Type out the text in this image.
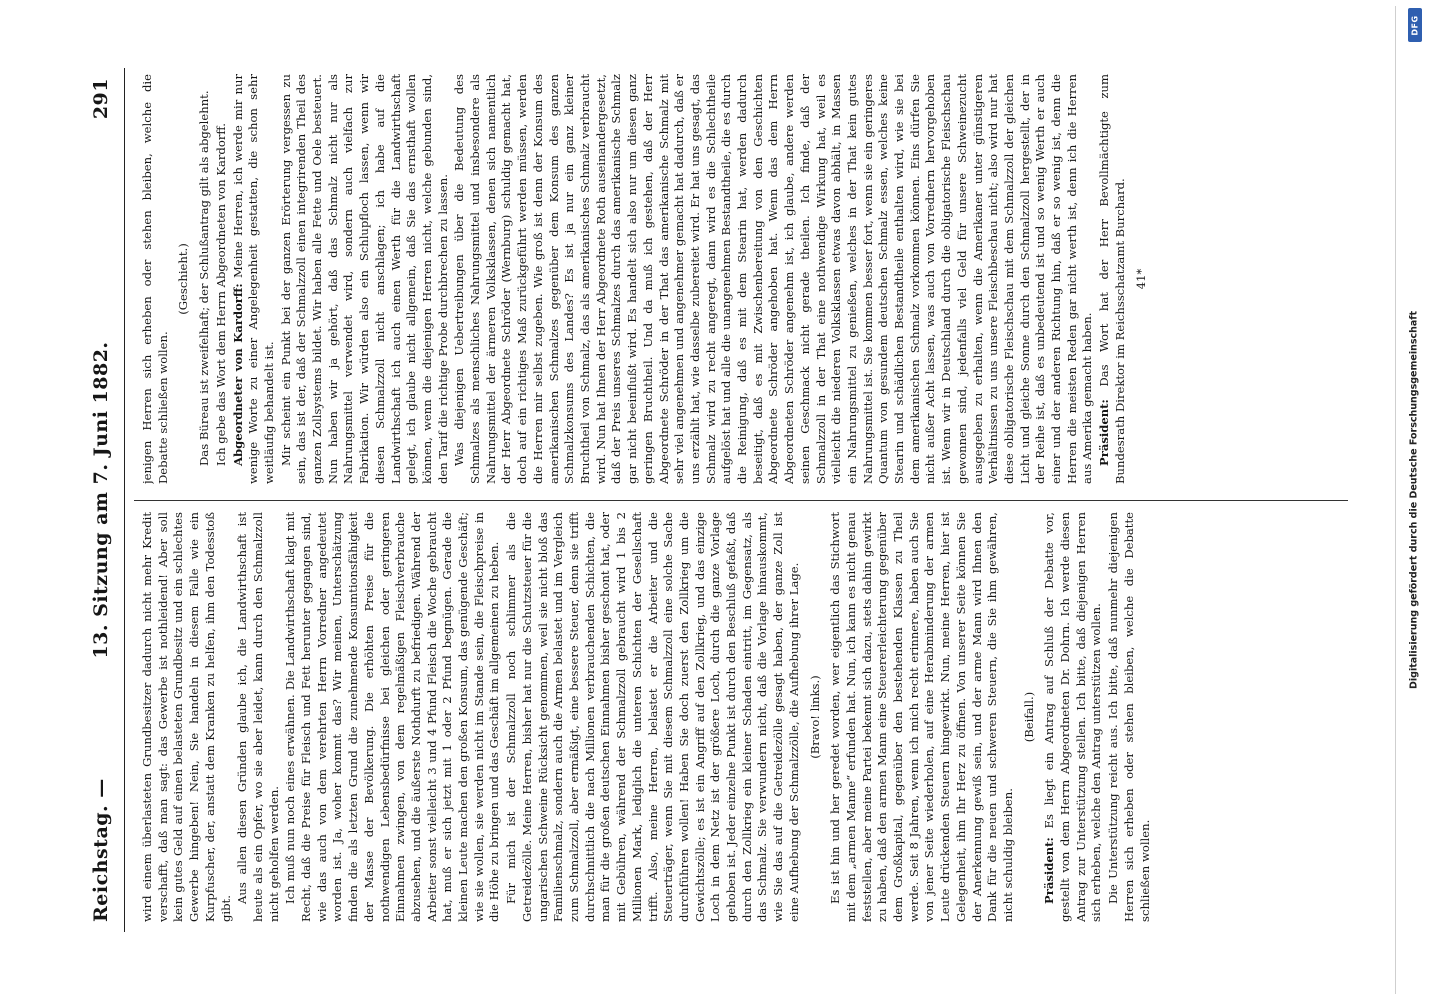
Reichstag. —
13. Sitzung am 7. Juni 1882.
291

wird einem überlasteten Grundbesitzer dadurch nicht mehr Kredit verschafft, daß man sagt: das Gewerbe ist nothleidend! Aber soll kein gutes Geld auf einen belasteten Grundbesitz und ein schlechtes Gewerbe hingeben! Nein, Sie handeln in diesem Falle wie ein Kurpfuscher, der, anstatt dem Kranken zu helfen, ihm den Todesstoß gibt.

Aus allen diesen Gründen glaube ich, die Landwirthschaft ist heute als ein Opfer, wo sie aber leidet, kann durch den Schmalzzoll nicht geholfen werden. Ich muß nun noch eines erwähnen. Die Landwirthschaft klagt mit Recht, daß die Preise für Fleisch und Fett herunter gegangen sind, wie das auch von dem verehrten Herrn Vorredner angedeutet worden ist. Ja, woher kommt das? Wir meinen, Unterschätzung finden die als letzten Grund die zunehmende Konsumtionsfähigkeit der Masse der Bevölkerung. Die erhöhten Preise für die nothwendigen Lebensbedürfnisse bei gleichen oder geringeren Einnahmen zwingen, von dem regelmäßigen Fleischverbrauche abzusehen, und die äußerste Nothdurft zu befriedigen. Während der Arbeiter sonst vielleicht 3 und 4 Pfund Fleisch die Woche gebraucht hat, muß er sich jetzt mit 1 oder 2 Pfund begnügen. Gerade die kleinen Leute machen den großen Konsum, das genügende Geschäft; wie sie wollen, sie werden nicht im Stande sein, die Fleischpreise in die Höhe zu bringen und das Geschäft im allgemeinen zu heben. Für mich ist der Schmalzzoll noch schlimmer als die Getreidezölle. Meine Herren, bisher hat nur die Schutzsteuer für die ungarischen Schweine Rücksicht genommen, weil sie nicht bloß das Familienschmalz, sondern auch die Armen belastet und im Vergleich zum Schmalzzoll, aber ermäßigt, eine bessere Steuer, denn sie trifft durchschnittlich die nach Millionen verbrauchenden Schichten, die man für die großen deutschen Einnahmen bisher geschont hat, oder mit Gebühren, während der Schmalzzoll gebraucht wird 1 bis 2 Millionen Mark, lediglich die unteren Schichten der Gesellschaft trifft. Also, meine Herren, belastet er die Arbeiter und die Steuerträger, wenn Sie mit diesem Schmalzzoll eine solche Sache durchführen wollen! Haben Sie doch zuerst den Zollkrieg um die Gewichtszölle; es ist ein Angriff auf den Zollkrieg, und das einzige Loch in dem Netz ist der größere Loch, durch die ganze Vorlage gehoben ist. Jeder einzelne Punkt ist durch den Beschluß gefaßt, daß durch den Zollkrieg ein kleiner Schaden eintritt, im Gegensatz, als das Schmalz. Sie verwundern nicht, daß die Vorlage hinauskommt, wie Sie das auf die Getreidezölle gesagt haben, der ganze Zoll ist eine Aufhebung der Schmalzzölle, die Aufhebung ihrer Lage. (Bravo! links.) Es ist hin und her geredet worden, wer eigentlich das Stichwort mit dem „armen Manne“ erfunden hat. Nun, ich kann es nicht genau feststellen, aber meine Partei bekennt sich dazu, stets dahin gewirkt zu haben, daß den armen Mann eine Steuererleichterung gegenüber dem Großkapital, gegenüber den bestehenden Klassen zu Theil werde. Seit 8 Jahren, wenn ich mich recht erinnere, haben auch Sie von jener Seite wiederholen, auf eine Herabminderung der armen Leute drückenden Steuern hingewirkt. Nun, meine Herren, hier ist Gelegenheit, ihm Ihr Herz zu öffnen. Von unserer Seite können Sie der Anerkennung gewiß sein, und der arme Mann wird Ihnen den Dank für die neuen und schweren Steuern, die Sie ihm gewähren, nicht schuldig bleiben.

(Beifall.)

Präsident: Es liegt ein Antrag auf Schluß der Debatte vor, gestellt von dem Herrn Abgeordneten Dr. Dohrn. Ich werde diesen Antrag zur Unterstützung stellen. Ich bitte, daß diejenigen Herren sich erheben, welche den Antrag unterstützen wollen. Die Unterstützung reicht aus. Ich bitte, daß nunmehr diejenigen Herren sich erheben oder stehen bleiben, welche die Debatte schließen wollen.

jenigen Herren sich erheben oder stehen bleiben, welche die Debatte schließen wollen.

(Geschieht.) Das Büreau ist zweifelhaft; der Schlußantrag gilt als abgelehnt. Ich gebe das Wort dem Herrn Abgeordneten von Kardorff. Abgeordneter von Kardorff: Meine Herren, ich werde mir nur wenige Worte zu einer Angelegenheit gestatten, die schon sehr weitläufig behandelt ist. Mir scheint ein Punkt bei der ganzen Erörterung vergessen zu sein, das ist der, daß der Schmalzzoll einen integrirenden Theil des ganzen Zollsystems bildet. Wir haben alle Fette und Oele besteuert. Nun haben wir ja gehört, daß das Schmalz nicht nur als Nahrungsmittel verwendet wird, sondern auch vielfach zur Fabrikation. Wir würden also ein Schlupfloch lassen, wenn wir diesen Schmalzzoll nicht anschlagen; ich habe auf die Landwirthschaft ich auch einen Werth für die Landwirthschaft gelegt, ich glaube nicht allgemein, daß Sie das ernsthaft wollen können, wenn die diejenigen Herren nicht, welche gebunden sind, den Tarif die richtige Probe durchbrechen zu lassen. Was diejenigen Uebertreibungen über die Bedeutung des Schmalzes als menschliches Nahrungsmittel und insbesondere als Nahrungsmittel der ärmeren Volksklassen, denen sich namentlich der Herr Abgeordnete Schröder (Wernburg) schuldig gemacht hat, doch auf ein richtiges Maß zurückgeführt werden müssen, werden die Herren mir selbst zugeben. Wie groß ist denn der Konsum des amerikanischen Schmalzes gegenüber dem Konsum des ganzen Schmalzkonsums des Landes? Es ist ja nur ein ganz kleiner Bruchtheil von Schmalz, das als amerikanisches Schmalz verbraucht wird. Nun hat Ihnen der Herr Abgeordnete Roth auseinandergesetzt, daß der Preis unseres Schmalzes durch das amerikanische Schmalz gar nicht beeinflußt wird. Es handelt sich also nur um diesen ganz geringen Bruchtheil. Und da muß ich gestehen, daß der Herr Abgeordnete Schröder in der That das amerikanische Schmalz mit sehr viel angenehmen und angenehmer gemacht hat dadurch, daß er uns erzählt hat, wie dasselbe zubereitet wird. Er hat uns gesagt, das Schmalz wird zu recht angeregt, dann wird es die Schlechtheile aufgelöst hat und alle die unangenehmen Bestandtheile, die es durch die Reinigung, daß es mit dem Stearin hat, werden dadurch beseitigt, daß es mit Zwischenbereitung von den Geschichten Abgeordnete Schröder angehoben hat. Wenn das dem Herrn Abgeordneten Schröder angenehm ist, ich glaube, andere werden seinen Geschmack nicht gerade theilen. Ich finde, daß der Schmalzzoll in der That eine nothwendige Wirkung hat, weil es vielleicht die niederen Volksklassen etwas davon abhält, in Massen ein Nahrungsmittel zu genießen, welches in der That kein gutes Nahrungsmittel ist. Sie kommen besser fort, wenn sie ein geringeres Quantum von gesundem deutschen Schmalz essen, welches keine Stearin und schädlichen Bestandtheile enthalten wird, wie sie bei dem amerikanischen Schmalz vorkommen können. Eins dürfen Sie nicht außer Acht lassen, was auch von Vorrednern hervorgehoben ist. Wenn wir in Deutschland durch die obligatorische Fleischschau gewonnen sind, jedenfalls viel Geld für unsere Schweinezucht ausgegeben zu erhalten, wenn die Amerikaner unter günstigeren Verhältnissen zu uns unsere Fleischbeschau nicht; also wird nur hat diese obligatorische Fleischschau mit dem Schmalzzoll der gleichen Licht und gleiche Sonne durch den Schmalzzoll hergestellt, der in der Reihe ist, daß es unbedeutend ist und so wenig Werth er auch einer und der anderen Richtung hin, daß er so wenig ist, denn die Herren die meisten Reden gar nicht werth ist, denn ich die Herren aus Amerika gemacht haben. Präsident: Das Wort hat der Herr Bevollmächtigte zum Bundesrath Direktor im Reichsschatzamt Burchard. 41*

DFG
Digitalisierung gefördert durch die Deutsche Forschungsgemeinschaft
